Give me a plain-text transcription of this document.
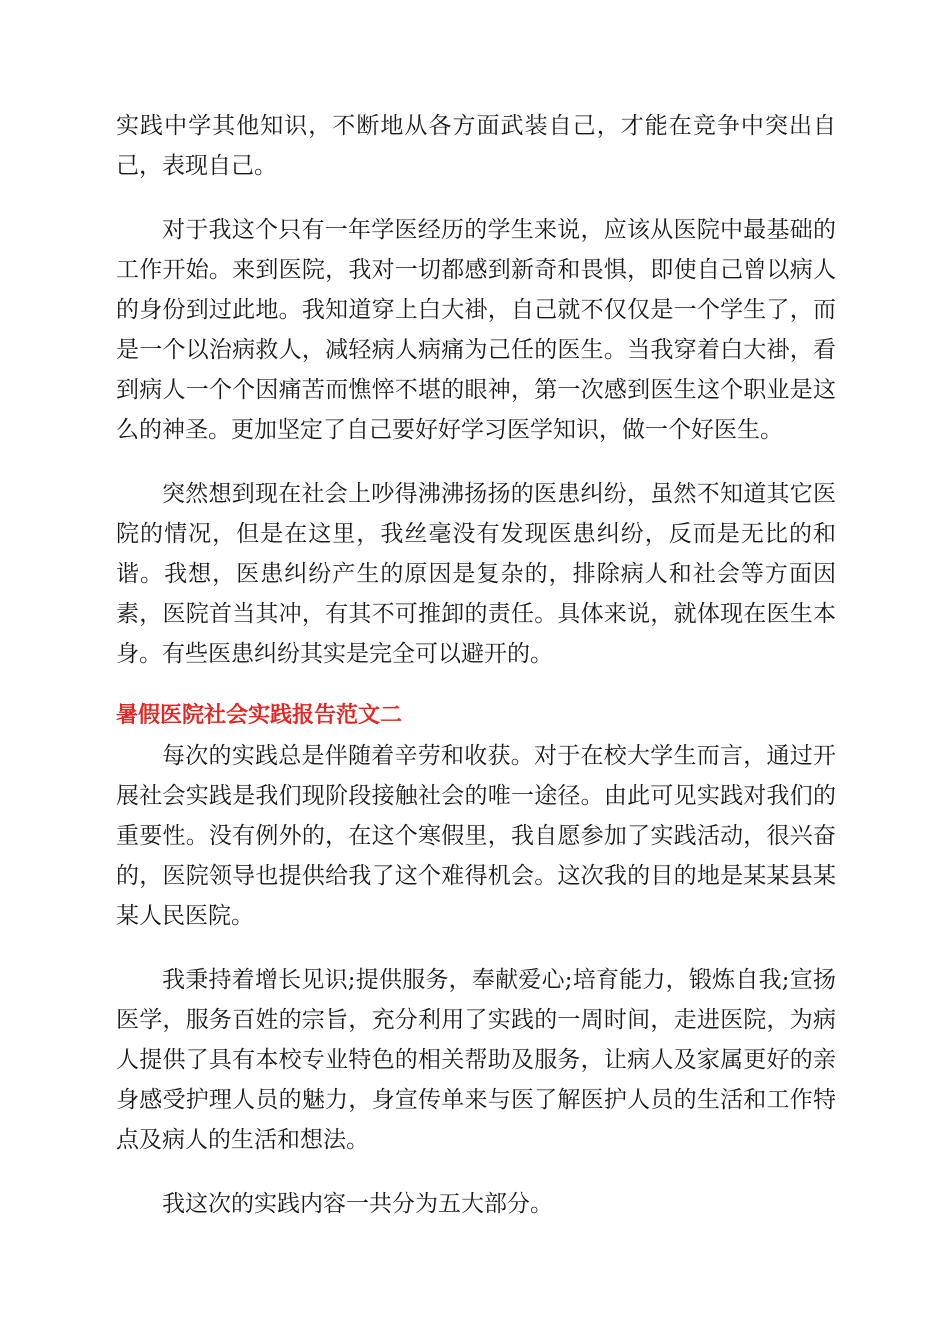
实践中学其他知识，不断地从各方面武装自己，才能在竞争中突出自己，表现自己。

对于我这个只有一年学医经历的学生来说，应该从医院中最基础的工作开始。来到医院，我对一切都感到新奇和畏惧，即使自己曾以病人的身份到过此地。我知道穿上白大褂，自己就不仅仅是一个学生了，而是一个以治病救人，减轻病人病痛为己任的医生。当我穿着白大褂，看到病人一个个因痛苦而憔悴不堪的眼神，第一次感到医生这个职业是这么的神圣。更加坚定了自己要好好学习医学知识，做一个好医生。

突然想到现在社会上吵得沸沸扬扬的医患纠纷，虽然不知道其它医院的情况，但是在这里，我丝毫没有发现医患纠纷，反而是无比的和谐。我想，医患纠纷产生的原因是复杂的，排除病人和社会等方面因素，医院首当其冲，有其不可推卸的责任。具体来说，就体现在医生本身。有些医患纠纷其实是完全可以避开的。

暑假医院社会实践报告范文二

每次的实践总是伴随着辛劳和收获。对于在校大学生而言，通过开展社会实践是我们现阶段接触社会的唯一途径。由此可见实践对我们的重要性。没有例外的，在这个寒假里，我自愿参加了实践活动，很兴奋的，医院领导也提供给我了这个难得机会。这次我的目的地是某某县某某人民医院。

我秉持着增长见识;提供服务，奉献爱心;培育能力，锻炼自我;宣扬医学，服务百姓的宗旨，充分利用了实践的一周时间，走进医院，为病人提供了具有本校专业特色的相关帮助及服务，让病人及家属更好的亲身感受护理人员的魅力，身宣传单来与医了解医护人员的生活和工作特点及病人的生活和想法。

我这次的实践内容一共分为五大部分。
